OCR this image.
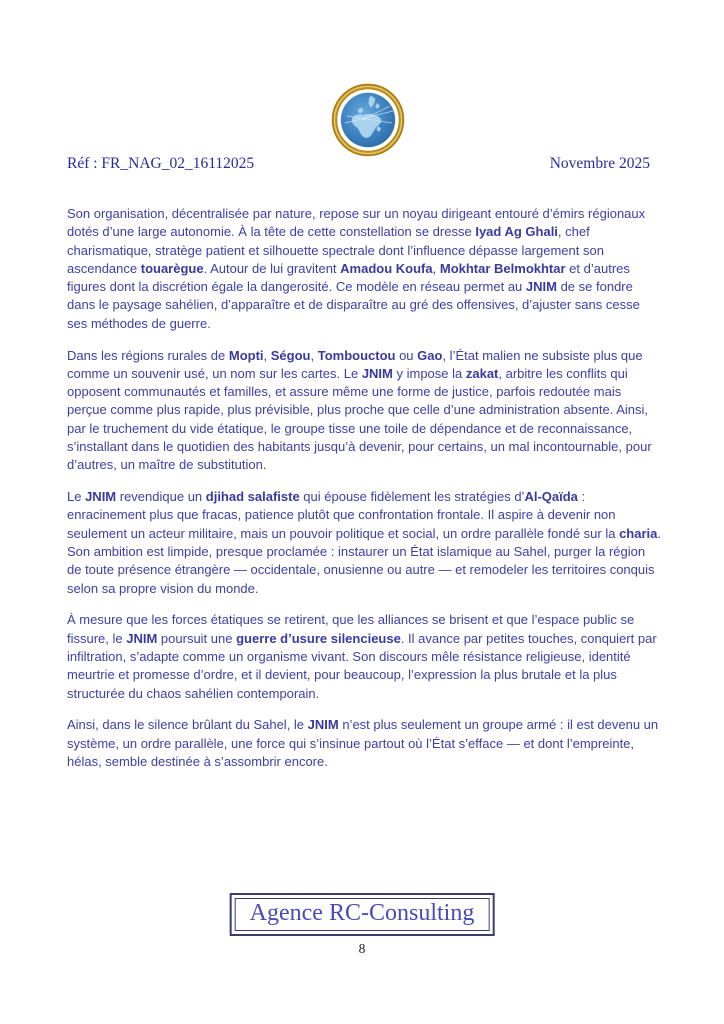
Réf : FR_NAG_02_16112025	Novembre 2025

Son organisation, décentralisée par nature, repose sur un noyau dirigeant entouré d’émirs régionaux dotés d’une large autonomie. À la tête de cette constellation se dresse Iyad Ag Ghali, chef charismatique, stratège patient et silhouette spectrale dont l’influence dépasse largement son ascendance touarègue. Autour de lui gravitent Amadou Koufa, Mokhtar Belmokhtar et d’autres figures dont la discrétion égale la dangerosité. Ce modèle en réseau permet au JNIM de se fondre dans le paysage sahélien, d’apparaître et de disparaître au gré des offensives, d’ajuster sans cesse ses méthodes de guerre.

Dans les régions rurales de Mopti, Ségou, Tombouctou ou Gao, l’État malien ne subsiste plus que comme un souvenir usé, un nom sur les cartes. Le JNIM y impose la zakat, arbitre les conflits qui opposent communautés et familles, et assure même une forme de justice, parfois redoutée mais perçue comme plus rapide, plus prévisible, plus proche que celle d’une administration absente. Ainsi, par le truchement du vide étatique, le groupe tisse une toile de dépendance et de reconnaissance, s’installant dans le quotidien des habitants jusqu’à devenir, pour certains, un mal incontournable, pour d’autres, un maître de substitution.

Le JNIM revendique un djihad salafiste qui épouse fidèlement les stratégies d’Al-Qaïda : enracinement plus que fracas, patience plutôt que confrontation frontale. Il aspire à devenir non seulement un acteur militaire, mais un pouvoir politique et social, un ordre parallèle fondé sur la charia. Son ambition est limpide, presque proclamée : instaurer un État islamique au Sahel, purger la région de toute présence étrangère — occidentale, onusienne ou autre — et remodeler les territoires conquis selon sa propre vision du monde.

À mesure que les forces étatiques se retirent, que les alliances se brisent et que l’espace public se fissure, le JNIM poursuit une guerre d’usure silencieuse. Il avance par petites touches, conquiert par infiltration, s’adapte comme un organisme vivant. Son discours mêle résistance religieuse, identité meurtrie et promesse d’ordre, et il devient, pour beaucoup, l’expression la plus brutale et la plus structurée du chaos sahélien contemporain.

Ainsi, dans le silence brûlant du Sahel, le JNIM n’est plus seulement un groupe armé : il est devenu un système, un ordre parallèle, une force qui s’insinue partout où l’État s’efface — et dont l’empreinte, hélas, semble destinée à s’assombrir encore.

Agence RC-Consulting
8
